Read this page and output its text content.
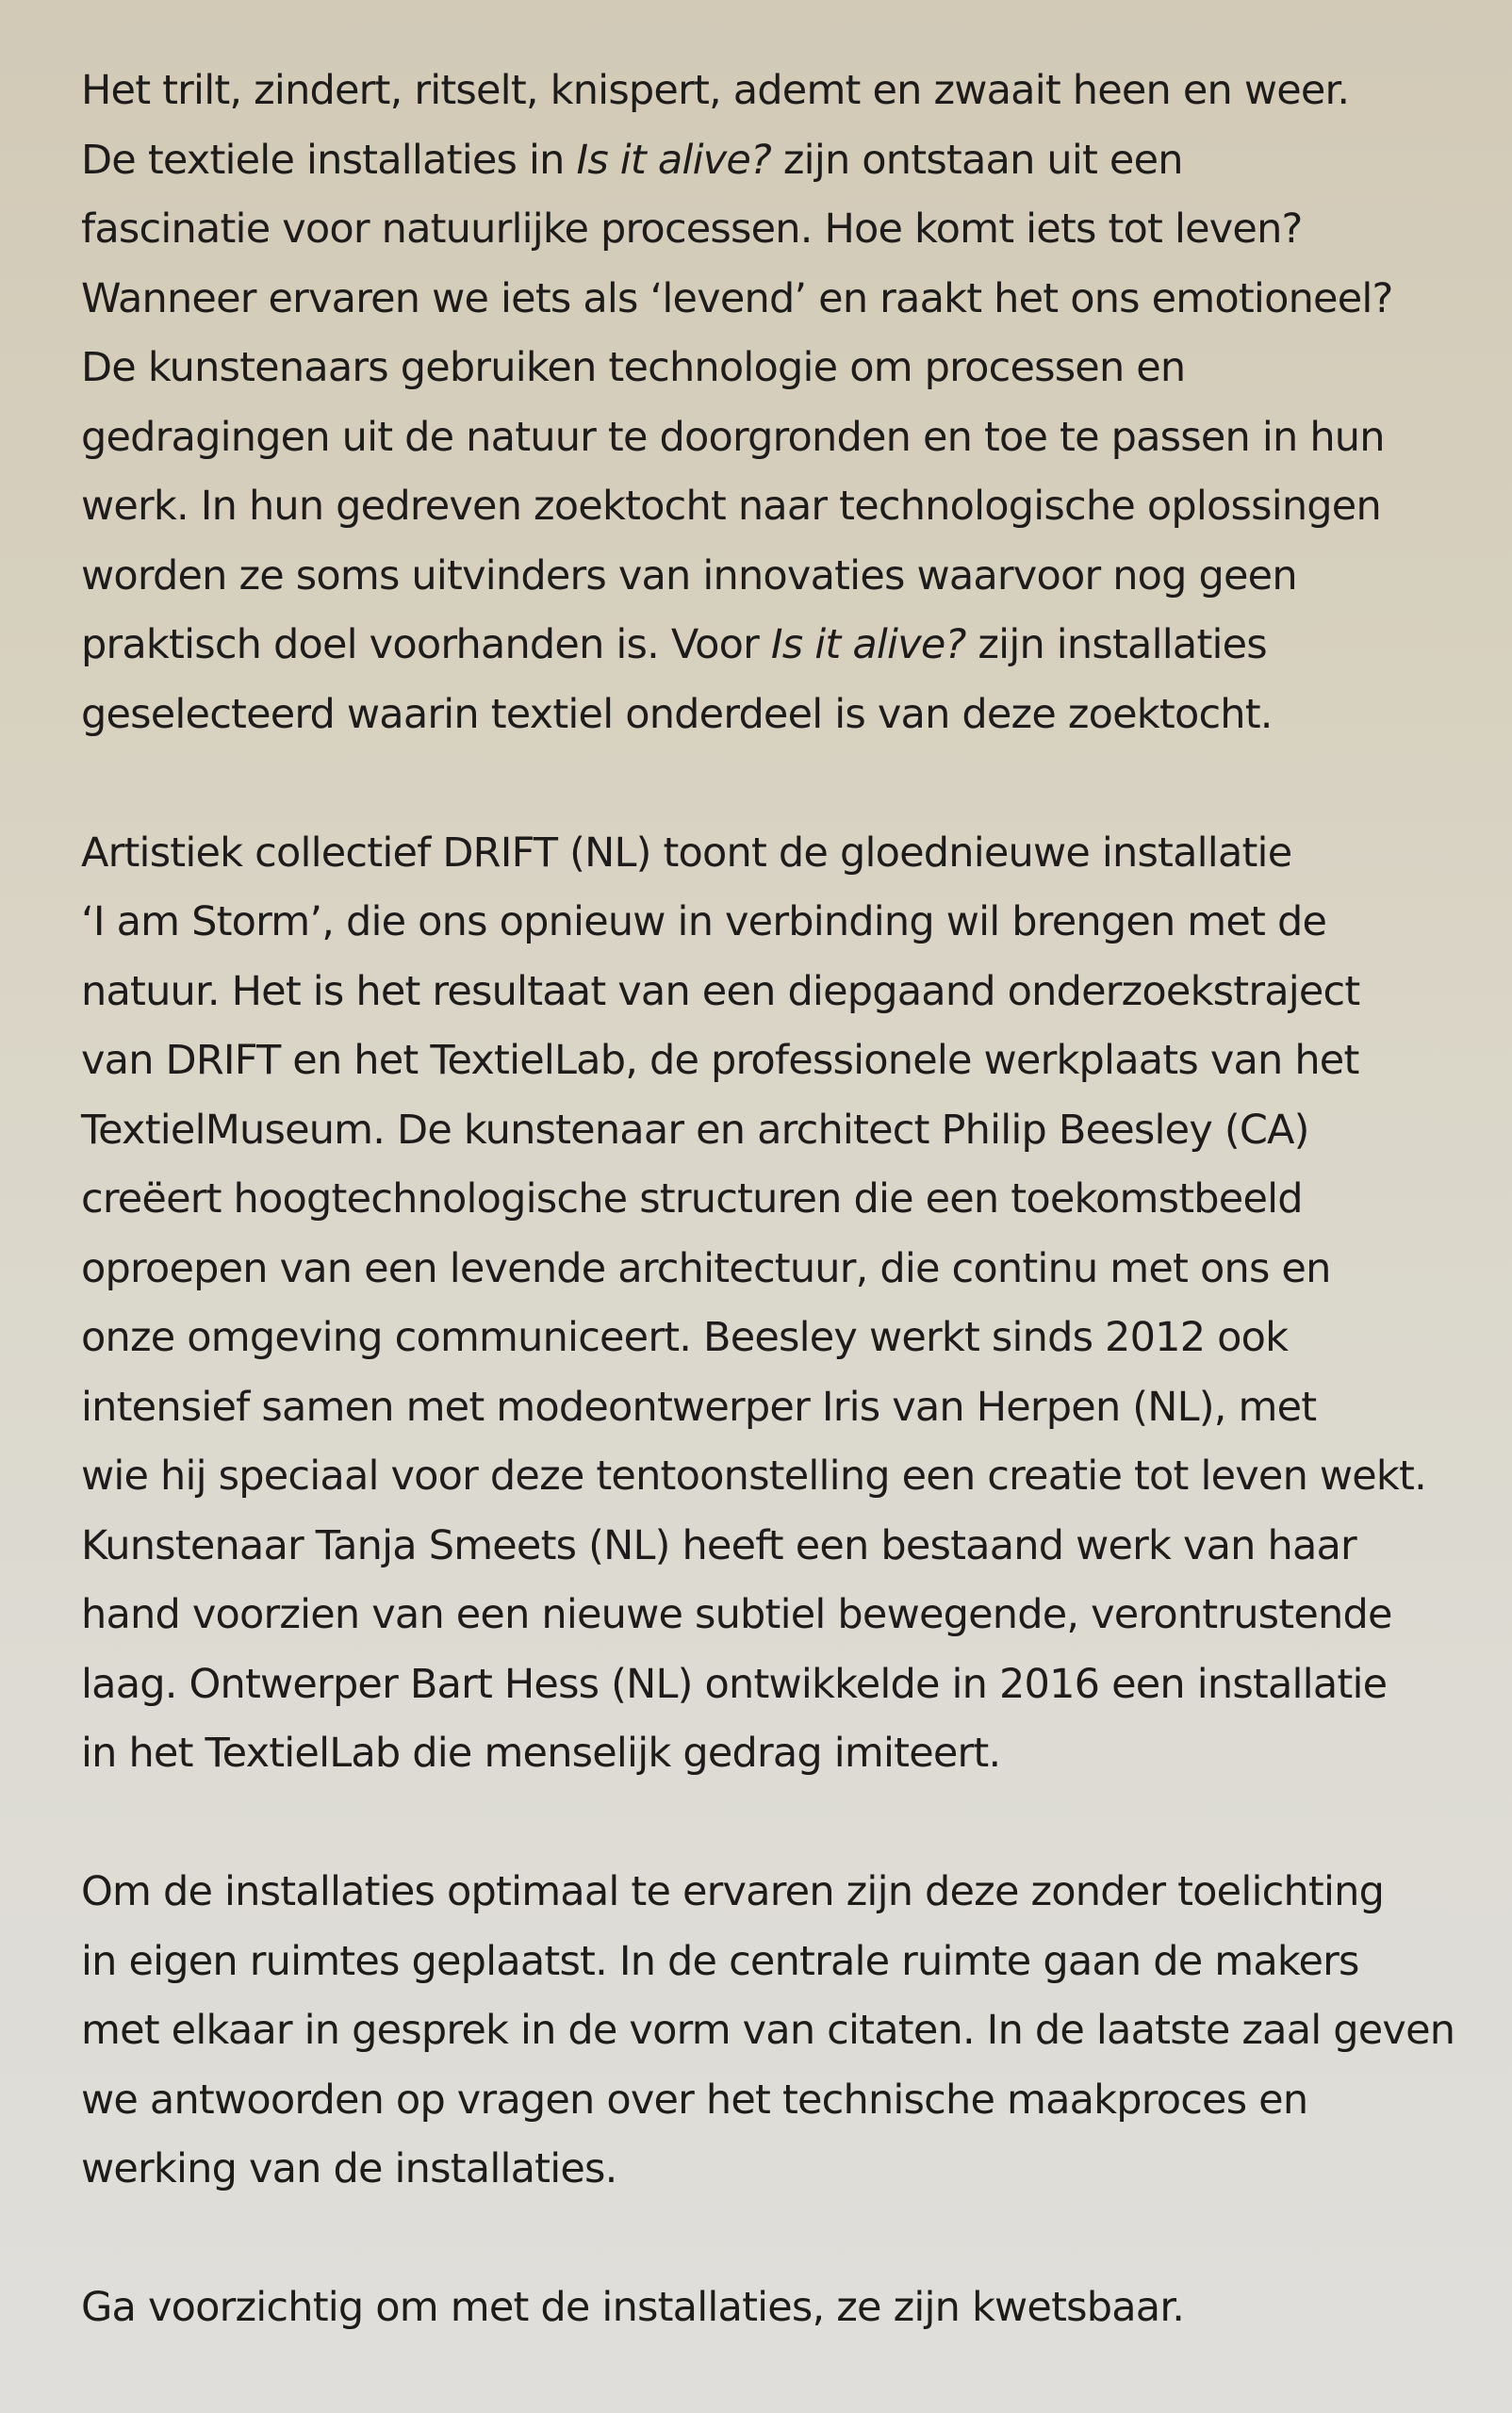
Het trilt, zindert, ritselt, knispert, ademt en zwaait heen en weer.
De textiele installaties in Is it alive? zijn ontstaan uit een
fascinatie voor natuurlijke processen. Hoe komt iets tot leven?
Wanneer ervaren we iets als ‘levend’ en raakt het ons emotioneel?
De kunstenaars gebruiken technologie om processen en
gedragingen uit de natuur te doorgronden en toe te passen in hun
werk. In hun gedreven zoektocht naar technologische oplossingen
worden ze soms uitvinders van innovaties waarvoor nog geen
praktisch doel voorhanden is. Voor Is it alive? zijn installaties
geselecteerd waarin textiel onderdeel is van deze zoektocht.
Artistiek collectief DRIFT (NL) toont de gloednieuwe installatie
‘I am Storm’, die ons opnieuw in verbinding wil brengen met de
natuur. Het is het resultaat van een diepgaand onderzoekstraject
van DRIFT en het TextielLab, de professionele werkplaats van het
TextielMuseum. De kunstenaar en architect Philip Beesley (CA)
creëert hoogtechnologische structuren die een toekomstbeeld
oproepen van een levende architectuur, die continu met ons en
onze omgeving communiceert. Beesley werkt sinds 2012 ook
intensief samen met modeontwerper Iris van Herpen (NL), met
wie hij speciaal voor deze tentoonstelling een creatie tot leven wekt.
Kunstenaar Tanja Smeets (NL) heeft een bestaand werk van haar
hand voorzien van een nieuwe subtiel bewegende, verontrustende
laag. Ontwerper Bart Hess (NL) ontwikkelde in 2016 een installatie
in het TextielLab die menselijk gedrag imiteert.
Om de installaties optimaal te ervaren zijn deze zonder toelichting
in eigen ruimtes geplaatst. In de centrale ruimte gaan de makers
met elkaar in gesprek in de vorm van citaten. In de laatste zaal geven
we antwoorden op vragen over het technische maakproces en
werking van de installaties.
Ga voorzichtig om met de installaties, ze zijn kwetsbaar.
